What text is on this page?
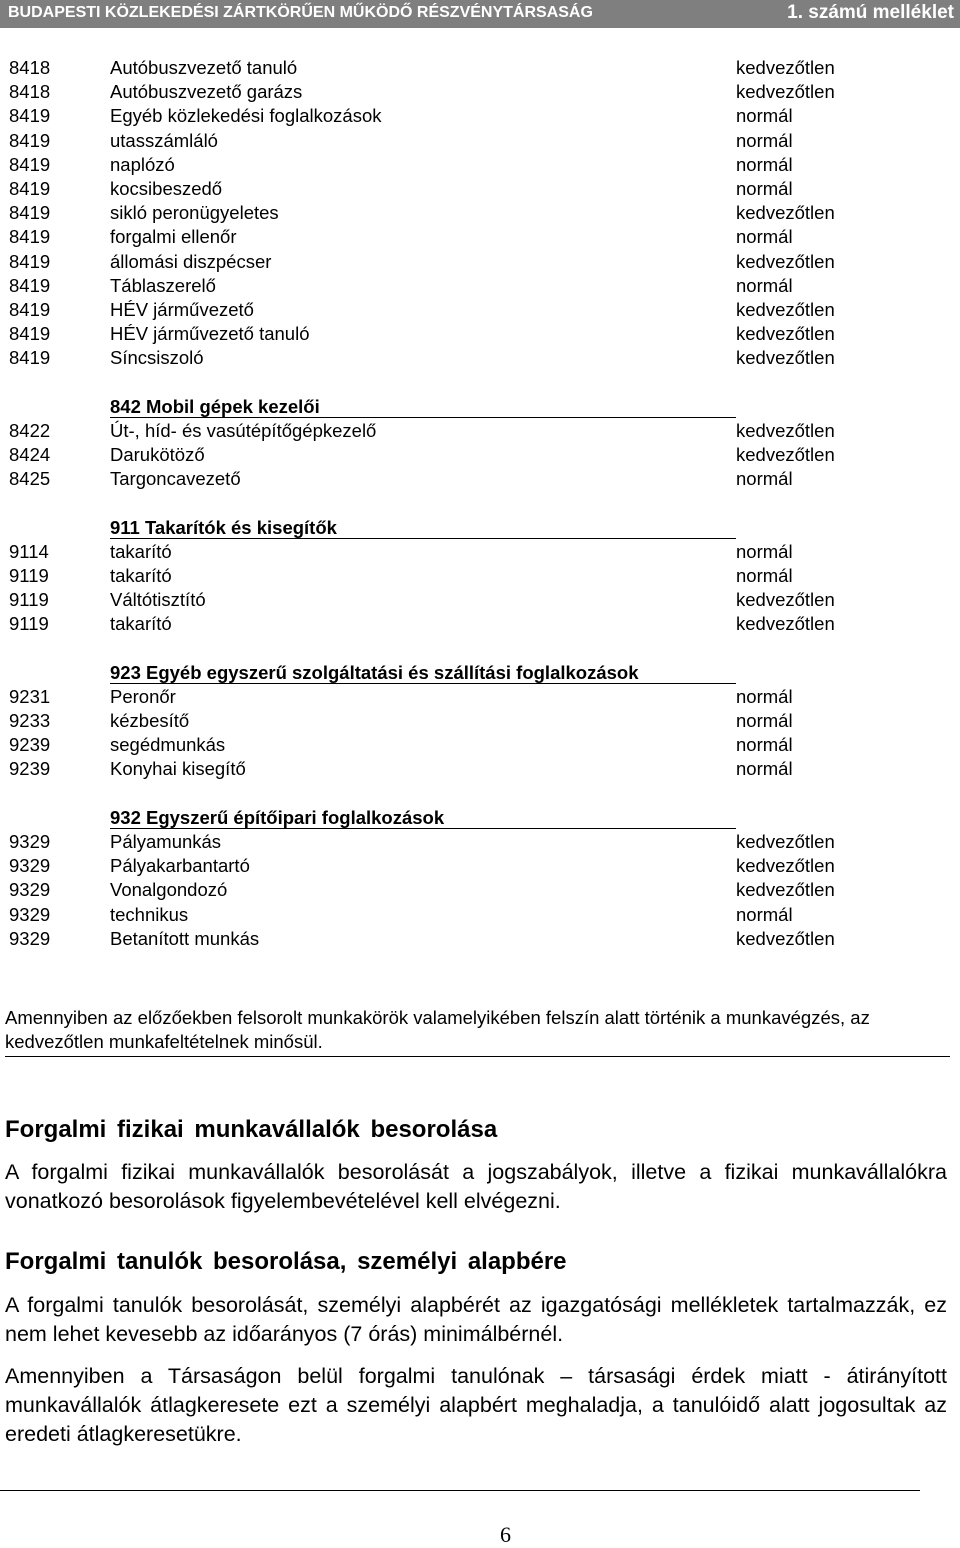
BUDAPESTI KÖZLEKEDÉSI ZÁRTKÖRŰEN MŰKÖDŐ RÉSZVÉNYTÁRSASÁG	1. számú melléklet
8418	Autóbuszvezető tanuló	kedvezőtlen
8418	Autóbuszvezető garázs	kedvezőtlen
8419	Egyéb közlekedési foglalkozások	normál
8419	utasszámláló	normál
8419	naplózó	normál
8419	kocsibeszedő	normál
8419	sikló peronügyeletes	kedvezőtlen
8419	forgalmi ellenőr	normál
8419	állomási diszpécser	kedvezőtlen
8419	Táblaszerelő	normál
8419	HÉV járművezető	kedvezőtlen
8419	HÉV járművezető tanuló	kedvezőtlen
8419	Síncsiszoló	kedvezőtlen
842 Mobil gépek kezelői
8422	Út-, híd- és vasútépítőgépkezelő	kedvezőtlen
8424	Darukötöző	kedvezőtlen
8425	Targoncavezető	normál
911 Takarítók és kisegítők
9114	takarító	normál
9119	takarító	normál
9119	Váltótisztító	kedvezőtlen
9119	takarító	kedvezőtlen
923 Egyéb egyszerű szolgáltatási és szállítási foglalkozások
9231	Peronőr	normál
9233	kézbesítő	normál
9239	segédmunkás	normál
9239	Konyhai kisegítő	normál
932 Egyszerű építőipari foglalkozások
9329	Pályamunkás	kedvezőtlen
9329	Pályakarbantartó	kedvezőtlen
9329	Vonalgondozó	kedvezőtlen
9329	technikus	normál
9329	Betanított munkás	kedvezőtlen
Amennyiben az előzőekben felsorolt munkakörök valamelyikében felszín alatt történik a munkavégzés, az kedvezőtlen munkafeltételnek minősül.
Forgalmi fizikai munkavállalók besorolása

A forgalmi fizikai munkavállalók besorolását a jogszabályok, illetve a fizikai munkavállalókra vonatkozó besorolások figyelembevételével kell elvégezni.

Forgalmi tanulók besorolása, személyi alapbére

A forgalmi tanulók besorolását, személyi alapbérét az igazgatósági mellékletek tartalmazzák, ez nem lehet kevesebb az időarányos (7 órás) minimálbérnél.

Amennyiben a Társaságon belül forgalmi tanulónak – társasági érdek miatt - átirányított munkavállalók átlagkeresete ezt a személyi alapbért meghaladja, a tanulóidő alatt jogosultak az eredeti átlagkeresetükre.

6
